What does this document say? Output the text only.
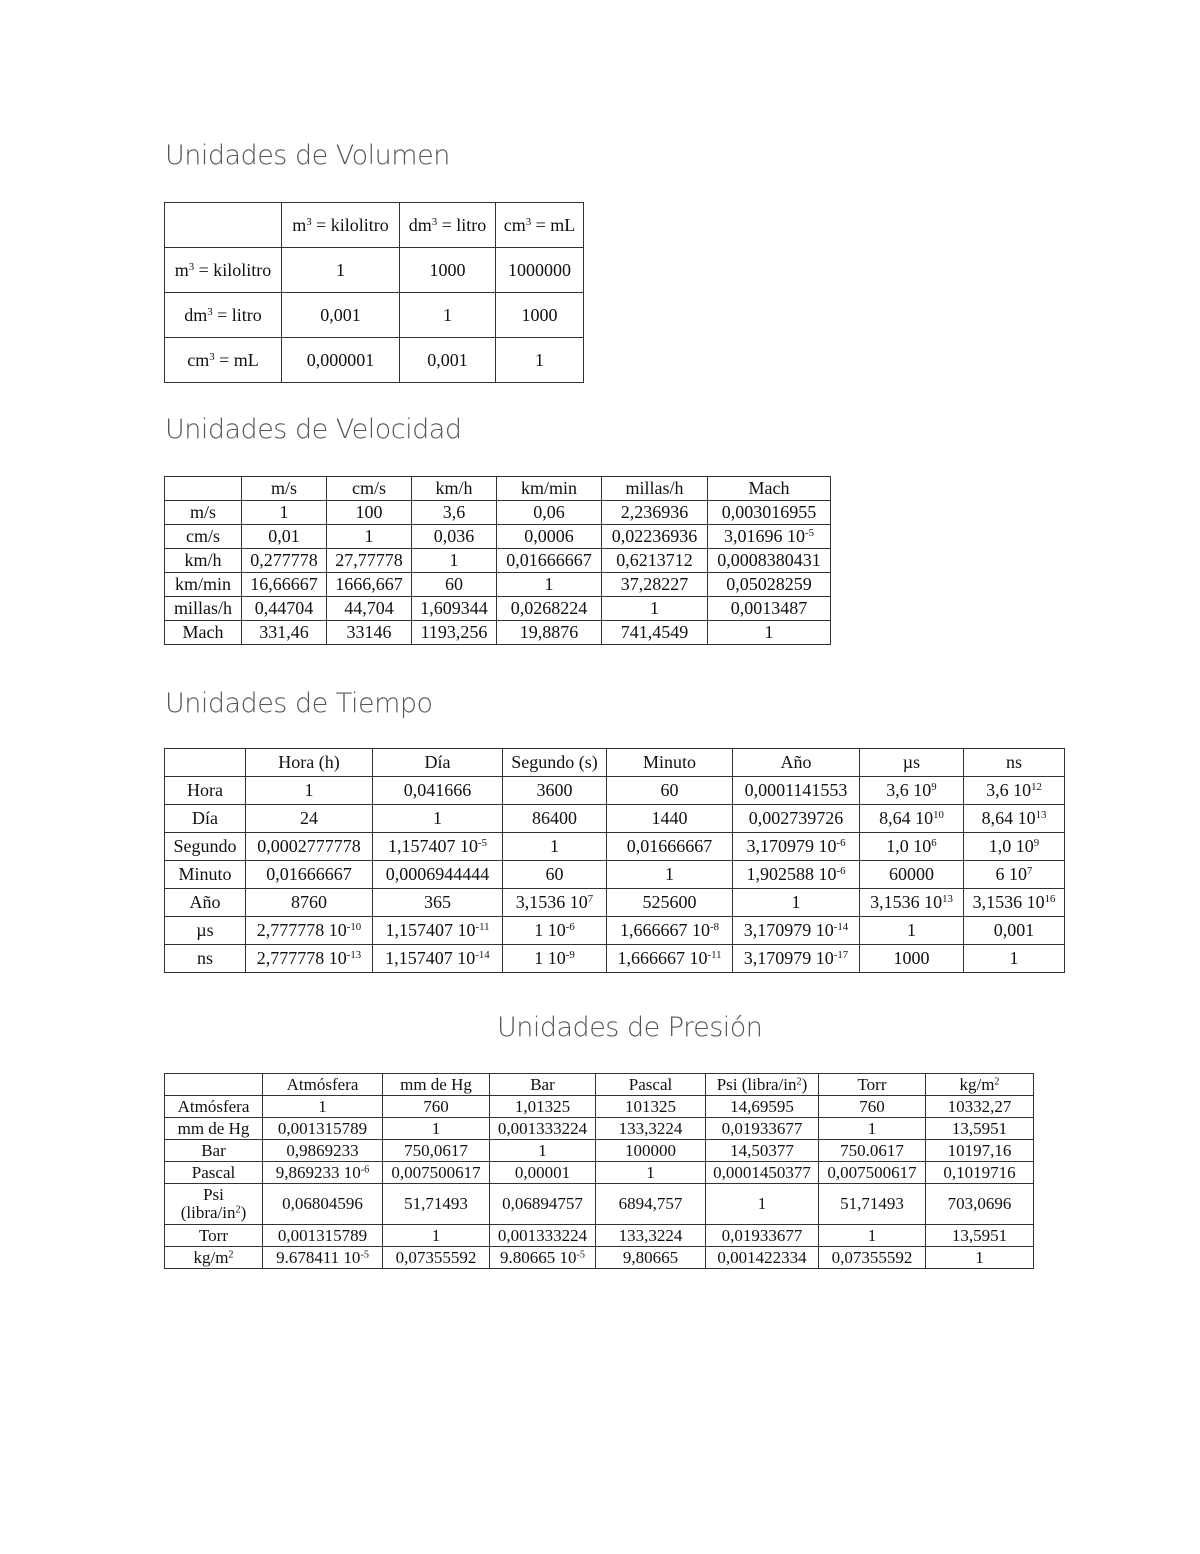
Unidades de Volumen
	$m^3$ = kilolitro	$dm^3$ = litro	$cm^3$ = mL
$m^3$ = kilolitro	1	1000	1000000
$dm^3$ = litro	0,001	1	1000
$cm^3$ = mL	0,000001	0,001	1
Unidades de Velocidad
	m/s	cm/s	km/h	km/min	millas/h	Mach
m/s	1	100	3,6	0,06	2,236936	0,003016955
cm/s	0,01	1	0,036	0,0006	0,02236936	3,01696 $10^{-5}$
km/h	0,277778	27,77778	1	0,01666667	0,6213712	0,0008380431
km/min	16,66667	1666,667	60	1	37,28227	0,05028259
millas/h	0,44704	44,704	1,609344	0,0268224	1	0,0013487
Mach	331,46	33146	1193,256	19,8876	741,4549	1
Unidades de Tiempo
	Hora (h)	Día	Segundo (s)	Minuto	Año	µs	ns
Hora	1	0,041666	3600	60	0,0001141553	3,6 $10^9$	3,6 $10^{12}$
Día	24	1	86400	1440	0,002739726	8,64 $10^{10}$	8,64 $10^{13}$
Segundo	0,0002777778	1,157407 $10^{-5}$	1	0,01666667	3,170979 $10^{-6}$	1,0 $10^6$	1,0 $10^9$
Minuto	0,01666667	0,0006944444	60	1	1,902588 $10^{-6}$	60000	6 $10^7$
Año	8760	365	3,1536 $10^7$	525600	1	3,1536 $10^{13}$	3,1536 $10^{16}$
µs	2,777778 $10^{-10}$	1,157407 $10^{-11}$	1 $10^{-6}$	1,666667 $10^{-8}$	3,170979 $10^{-14}$	1	0,001
ns	2,777778 $10^{-13}$	1,157407 $10^{-14}$	1 $10^{-9}$	1,666667 $10^{-11}$	3,170979 $10^{-17}$	1000	1
Unidades de Presión
	Atmósfera	mm de Hg	Bar	Pascal	Psi $(libra/in^2)$	Torr	$kg/m^2$
Atmósfera	1	760	1,01325	101325	14,69595	760	10332,27
mm de Hg	0,001315789	1	0,001333224	133,3224	0,01933677	1	13,5951
Bar	0,9869233	750,0617	1	100000	14,50377	750.0617	10197,16
Pascal	9,869233 $10^{-6}$	0,007500617	0,00001	1	0,0001450377	0,007500617	0,1019716
Psi
$(libra/in^2)$	0,06804596	51,71493	0,06894757	6894,757	1	51,71493	703,0696
Torr	0,001315789	1	0,001333224	133,3224	0,01933677	1	13,5951
$kg/m^2$	9.678411 $10^{-5}$	0,07355592	9.80665 $10^{-5}$	9,80665	0,001422334	0,07355592	1
